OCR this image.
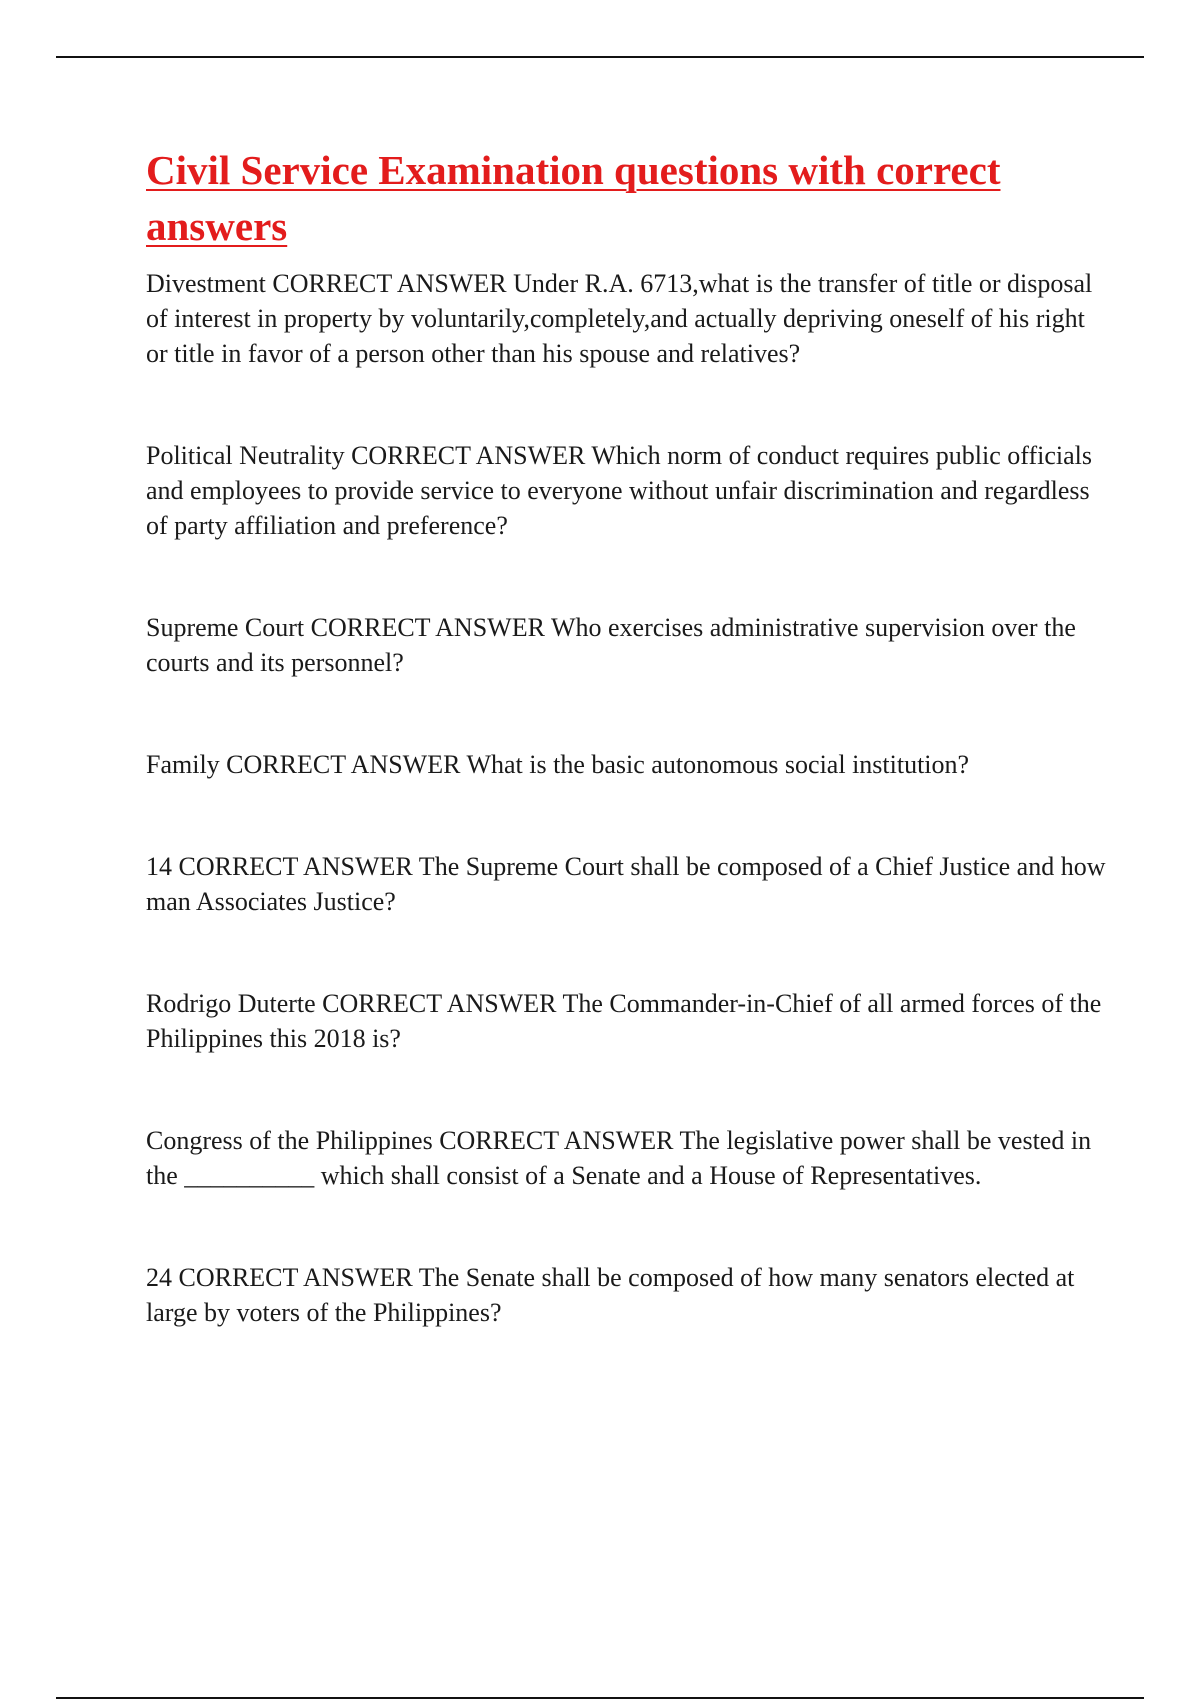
Civil Service Examination questions with correct answers
Divestment CORRECT ANSWER Under R.A. 6713,what is the transfer of title or disposal of interest in property by voluntarily,completely,and actually depriving oneself of his right or title in favor of a person other than his spouse and relatives?
Political Neutrality CORRECT ANSWER Which norm of conduct requires public officials and employees to provide service to everyone without unfair discrimination and regardless of party affiliation and preference?
Supreme Court CORRECT ANSWER Who exercises administrative supervision over the courts and its personnel?
Family CORRECT ANSWER What is the basic autonomous social institution?
14 CORRECT ANSWER The Supreme Court shall be composed of a Chief Justice and how man Associates Justice?
Rodrigo Duterte CORRECT ANSWER The Commander-in-Chief of all armed forces of the Philippines this 2018 is?
Congress of the Philippines CORRECT ANSWER The legislative power shall be vested in the __________ which shall consist of a Senate and a House of Representatives.
24 CORRECT ANSWER The Senate shall be composed of how many senators elected at large by voters of the Philippines?
